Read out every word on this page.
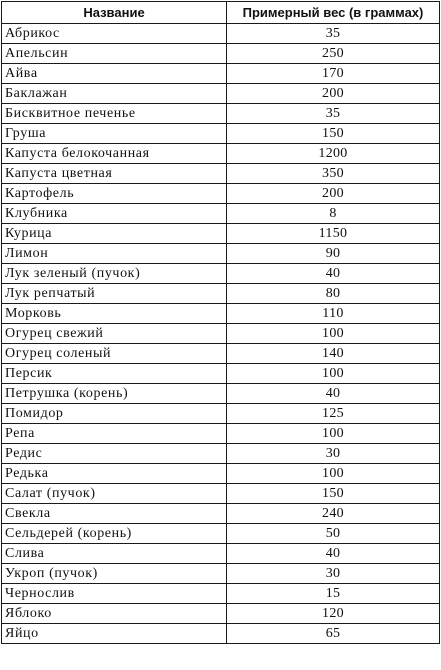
Название	Примерный вес (в граммах)
Абрикос	35
Апельсин	250
Айва	170
Баклажан	200
Бисквитное печенье	35
Груша	150
Капуста белокочанная	1200
Капуста цветная	350
Картофель	200
Клубника	8
Курица	1150
Лимон	90
Лук зеленый (пучок)	40
Лук репчатый	80
Морковь	110
Огурец свежий	100
Огурец соленый	140
Персик	100
Петрушка (корень)	40
Помидор	125
Репа	100
Редис	30
Редька	100
Салат (пучок)	150
Свекла	240
Сельдерей (корень)	50
Слива	40
Укроп (пучок)	30
Чернослив	15
Яблоко	120
Яйцо	65
